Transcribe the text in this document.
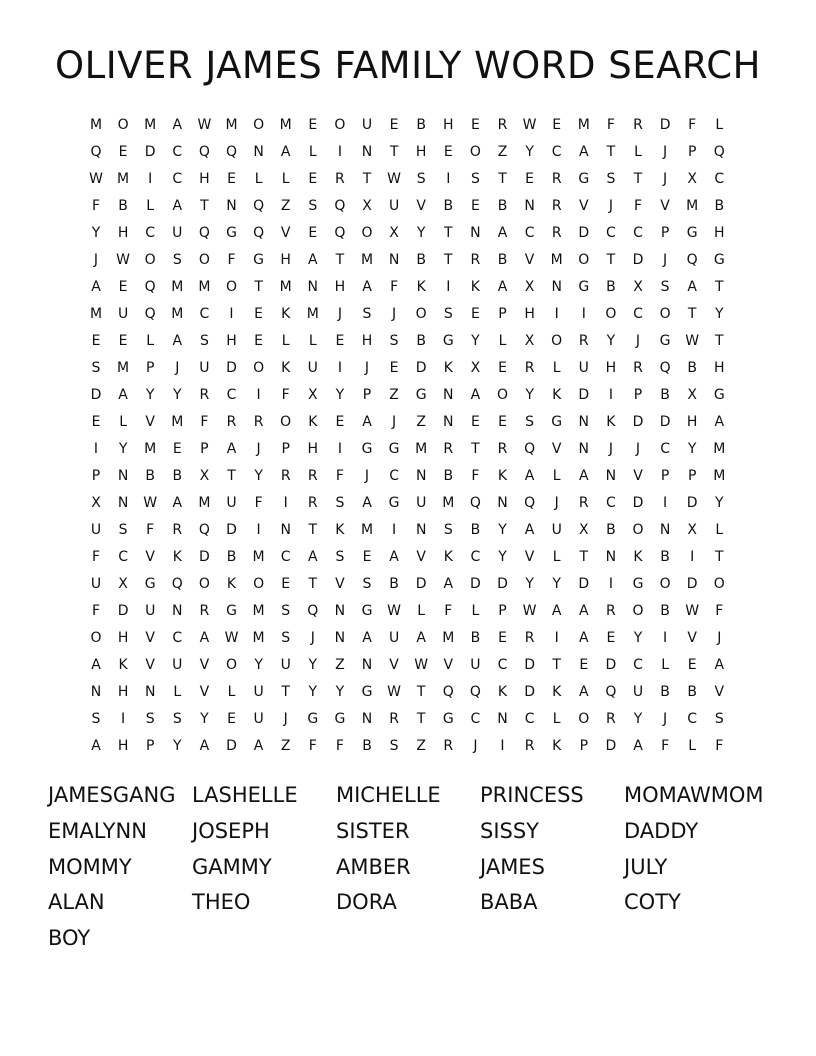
OLIVER JAMES FAMILY WORD SEARCH
M	O	M	A	W	M	O	M	E	O	U	E	B	H	E	R	W	E	M	F	R	D	F	L
Q	E	D	C	Q	Q	N	A	L	I	N	T	H	E	O	Z	Y	C	A	T	L	J	P	Q
W	M	I	C	H	E	L	L	E	R	T	W	S	I	S	T	E	R	G	S	T	J	X	C
F	B	L	A	T	N	Q	Z	S	Q	X	U	V	B	E	B	N	R	V	J	F	V	M	B
Y	H	C	U	Q	G	Q	V	E	Q	O	X	Y	T	N	A	C	R	D	C	C	P	G	H
J	W	O	S	O	F	G	H	A	T	M	N	B	T	R	B	V	M	O	T	D	J	Q	G
A	E	Q	M	M	O	T	M	N	H	A	F	K	I	K	A	X	N	G	B	X	S	A	T
M	U	Q	M	C	I	E	K	M	J	S	J	O	S	E	P	H	I	I	O	C	O	T	Y
E	E	L	A	S	H	E	L	L	E	H	S	B	G	Y	L	X	O	R	Y	J	G	W	T
S	M	P	J	U	D	O	K	U	I	J	E	D	K	X	E	R	L	U	H	R	Q	B	H
D	A	Y	Y	R	C	I	F	X	Y	P	Z	G	N	A	O	Y	K	D	I	P	B	X	G
E	L	V	M	F	R	R	O	K	E	A	J	Z	N	E	E	S	G	N	K	D	D	H	A
I	Y	M	E	P	A	J	P	H	I	G	G	M	R	T	R	Q	V	N	J	J	C	Y	M
P	N	B	B	X	T	Y	R	R	F	J	C	N	B	F	K	A	L	A	N	V	P	P	M
X	N	W	A	M	U	F	I	R	S	A	G	U	M	Q	N	Q	J	R	C	D	I	D	Y
U	S	F	R	Q	D	I	N	T	K	M	I	N	S	B	Y	A	U	X	B	O	N	X	L
F	C	V	K	D	B	M	C	A	S	E	A	V	K	C	Y	V	L	T	N	K	B	I	T
U	X	G	Q	O	K	O	E	T	V	S	B	D	A	D	D	Y	Y	D	I	G	O	D	O
F	D	U	N	R	G	M	S	Q	N	G	W	L	F	L	P	W	A	A	R	O	B	W	F
O	H	V	C	A	W	M	S	J	N	A	U	A	M	B	E	R	I	A	E	Y	I	V	J
A	K	V	U	V	O	Y	U	Y	Z	N	V	W	V	U	C	D	T	E	D	C	L	E	A
N	H	N	L	V	L	U	T	Y	Y	G	W	T	Q	Q	K	D	K	A	Q	U	B	B	V
S	I	S	S	Y	E	U	J	G	G	N	R	T	G	C	N	C	L	O	R	Y	J	C	S
A	H	P	Y	A	D	A	Z	F	F	B	S	Z	R	J	I	R	K	P	D	A	F	L	F
JAMESGANG LASHELLE MICHELLE PRINCESS MOMAWMOM
EMALYNN JOSEPH	SISTER	SISSY	DADDY
MOMMY	GAMMY	AMBER	JAMES	JULY
ALAN	THEO	DORA	BABA	COTY
BOY
